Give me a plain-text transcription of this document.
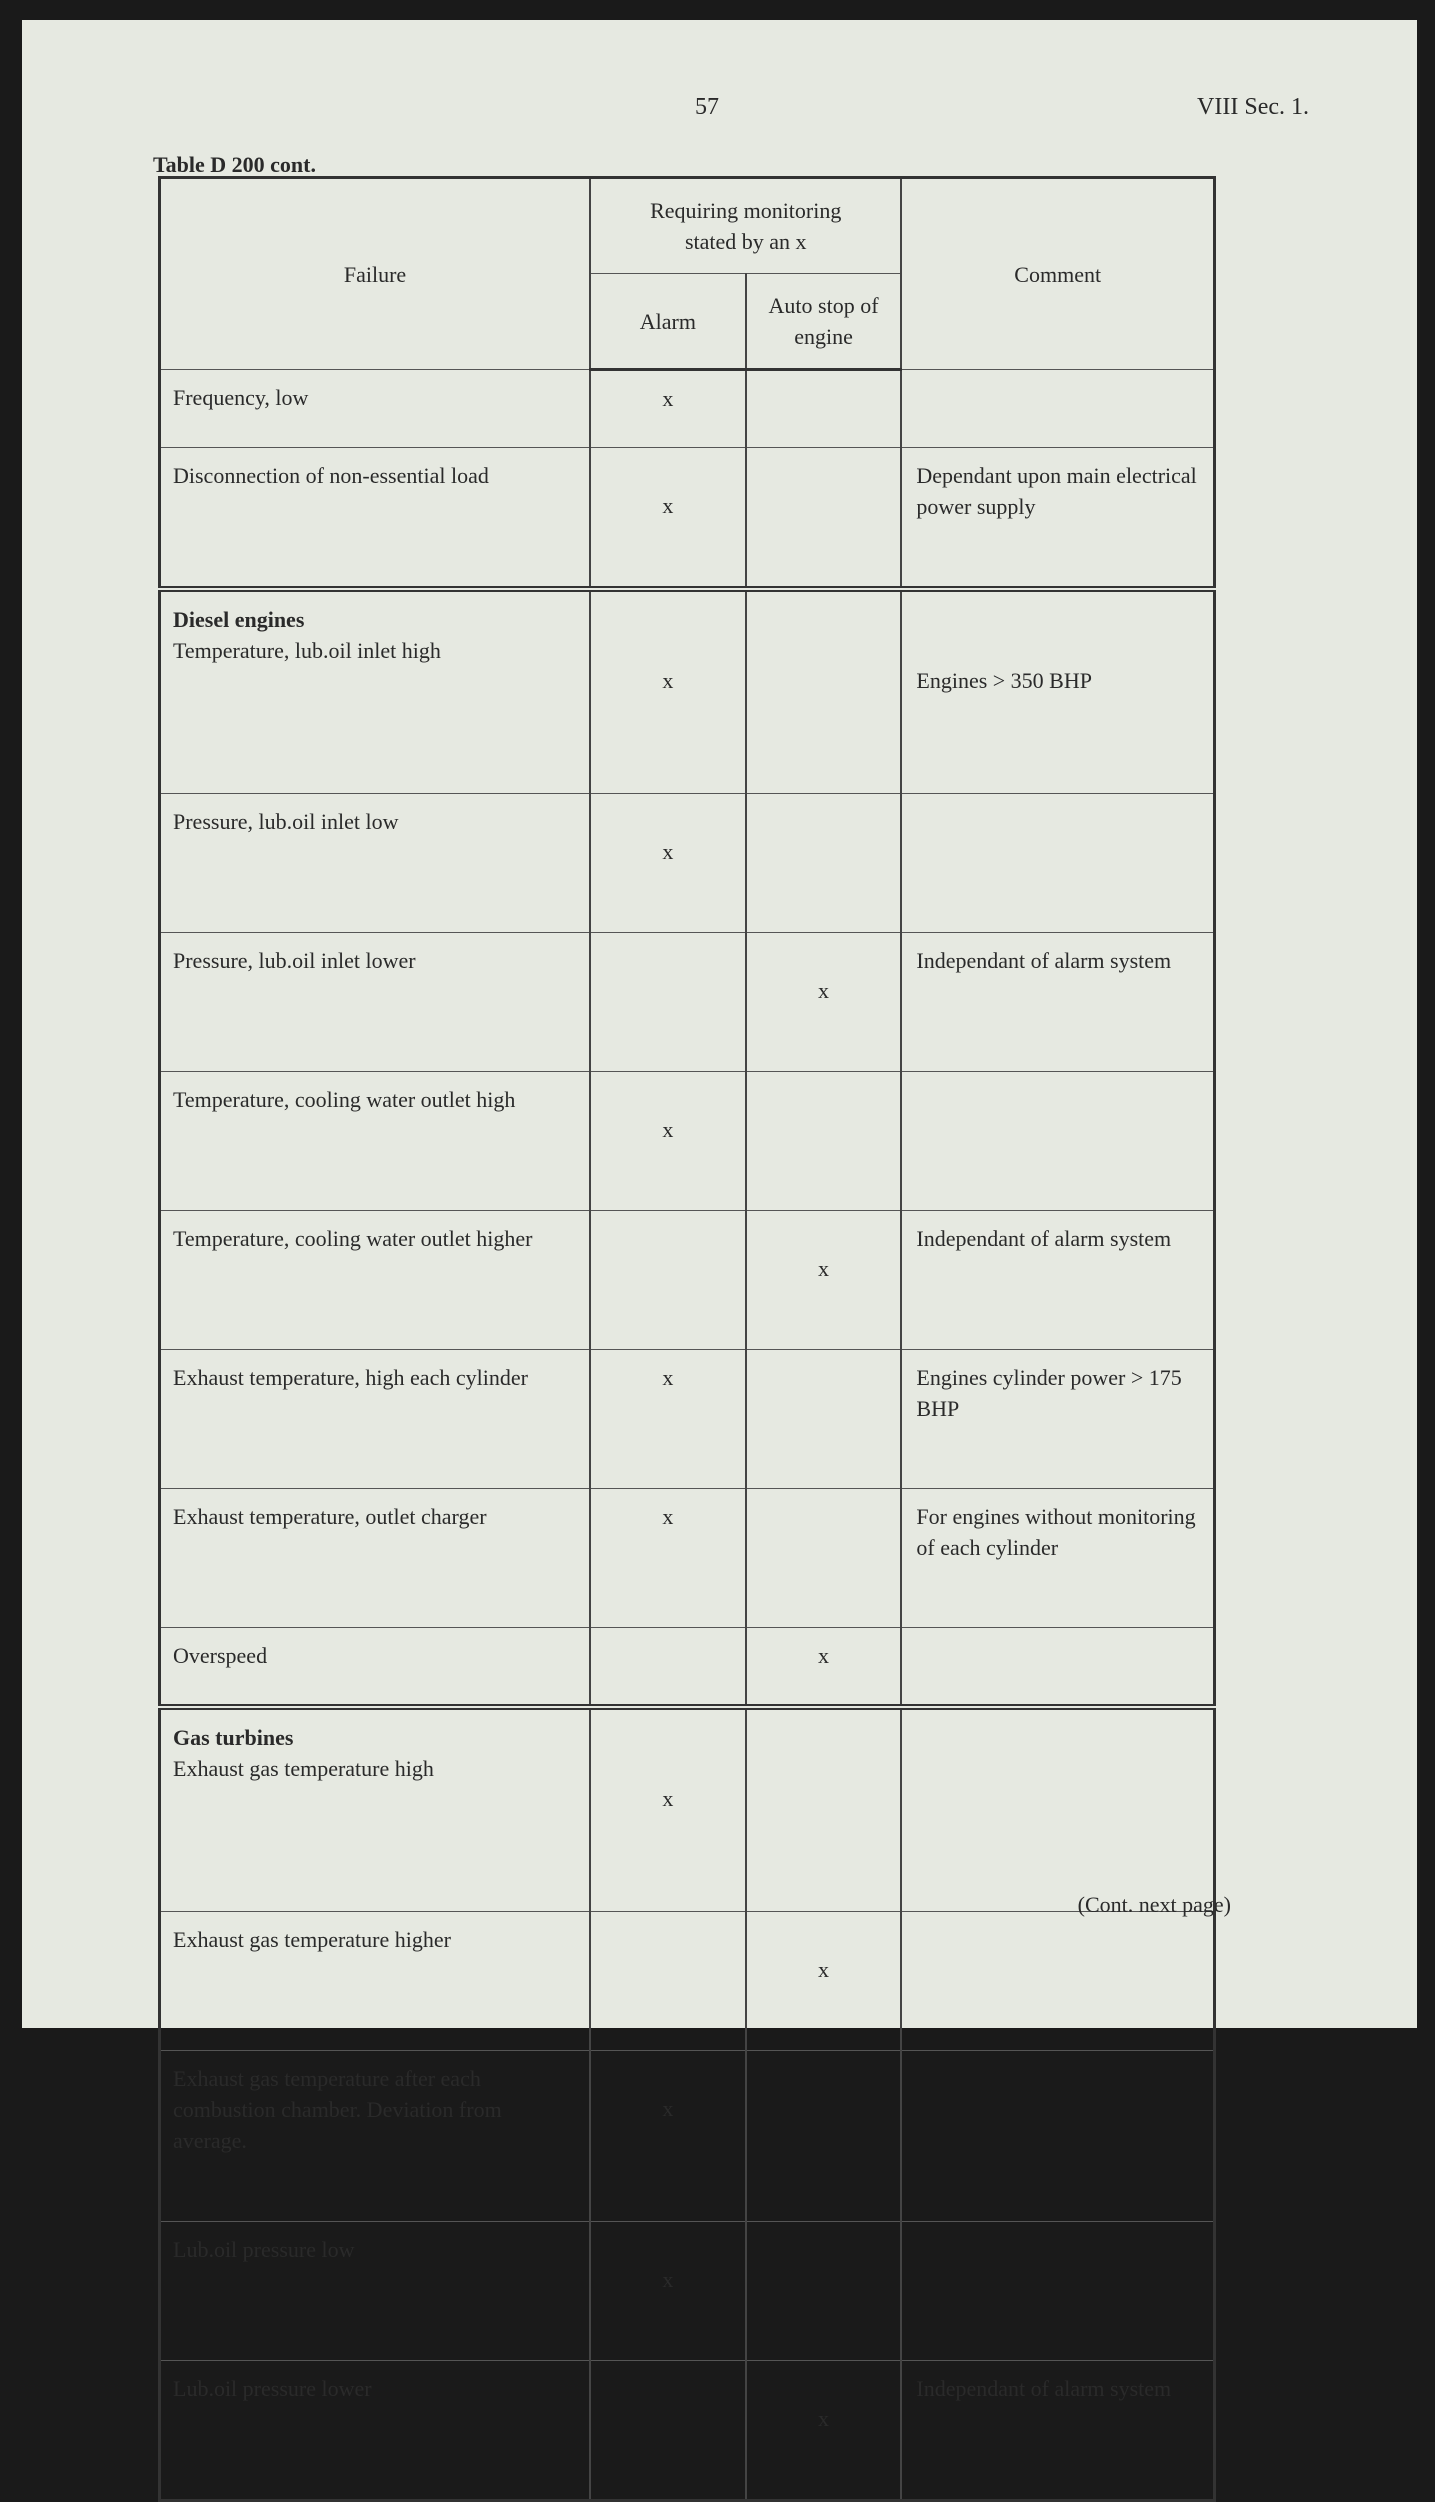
57	VIII Sec. 1.
Table D 200 cont.
Failure	Requiring monitoring stated by an x		Comment
	Alarm	Auto stop of engine	

Frequency, low	x		

Disconnection of non-essential load	x		Dependant upon main electrical power supply

Diesel engines
Temperature, lub.oil inlet high	x		Engines > 350 BHP

Pressure, lub.oil inlet low	x		

Pressure, lub.oil inlet lower		x	Independant of alarm system

Temperature, cooling water outlet high	x		

Temperature, cooling water outlet higher		x	Independant of alarm system

Exhaust temperature, high each cylinder	x		Engines cylinder power > 175 BHP

Exhaust temperature, outlet charger	x		For engines without monitoring of each cylinder

Overspeed		x	

Gas turbines
Exhaust gas temperature high	x		

Exhaust gas temperature higher		x	

Exhaust gas temperature after each combustion chamber. Deviation from average.	x		

Lub.oil pressure low	x		

Lub.oil pressure lower		x	Independant of alarm system
(Cont. next page)
